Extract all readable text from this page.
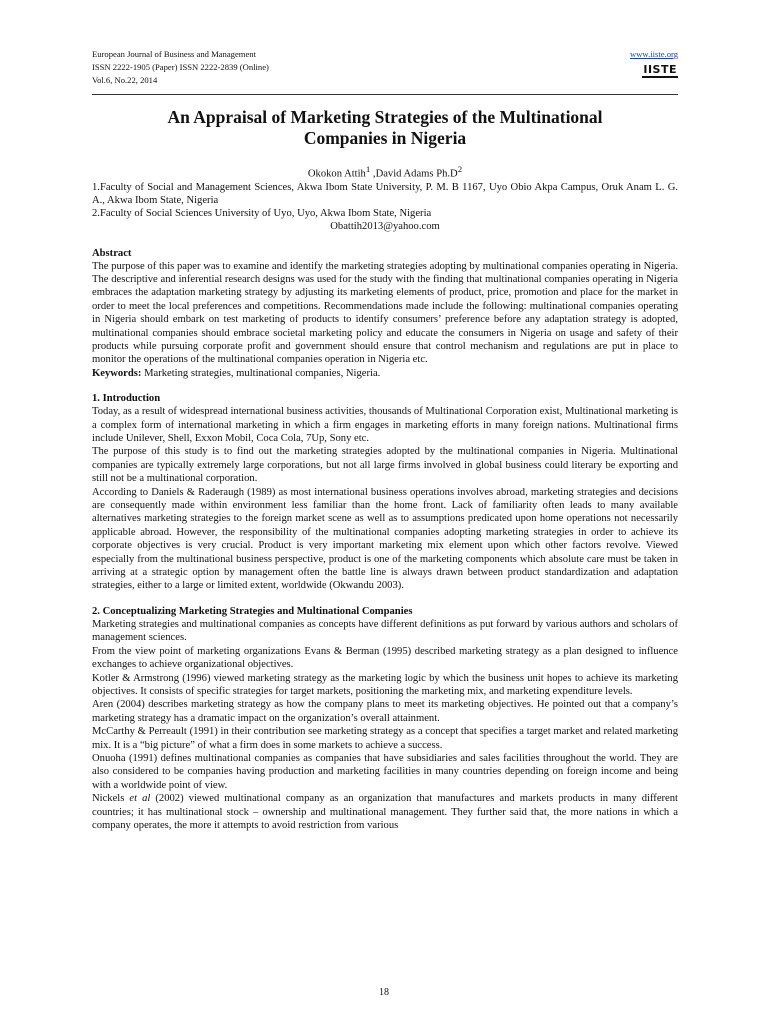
European Journal of Business and Management
ISSN 2222-1905 (Paper) ISSN 2222-2839 (Online)
Vol.6, No.22, 2014
www.iiste.org
IISTE
An Appraisal of Marketing Strategies of the Multinational
Companies in Nigeria
Okokon Attih$^1$ ,David Adams $Ph.D^2$
1.Faculty of Social and Management Sciences, Akwa Ibom State University, P. M. B 1167, Uyo Obio Akpa Campus, Oruk Anam L. G. A., Akwa Ibom State, Nigeria
2.Faculty of Social Sciences University of Uyo, Uyo, Akwa Ibom State, Nigeria
Obattih2013@yahoo.com
Abstract

The purpose of this paper was to examine and identify the marketing strategies adopting by multinational companies operating in Nigeria. The descriptive and inferential research designs was used for the study with the finding that multinational companies operating in Nigeria embraces the adaptation marketing strategy by adjusting its marketing elements of product, price, promotion and place for the market in order to meet the local preferences and competitions. Recommendations made include the following: multinational companies operating in Nigeria should embark on test marketing of products to identify consumers’ preference before any adaptation strategy is adopted, multinational companies should embrace societal marketing policy and educate the consumers in Nigeria on usage and safety of their products while pursuing corporate profit and government should ensure that control mechanism and regulations are put in place to monitor the operations of the multinational companies operation in Nigeria etc.

Keywords: Marketing strategies, multinational companies, Nigeria.

1. Introduction

Today, as a result of widespread international business activities, thousands of Multinational Corporation exist, Multinational marketing is a complex form of international marketing in which a firm engages in marketing efforts in many foreign nations. Multinational firms include Unilever, Shell, Exxon Mobil, Coca Cola, 7Up, Sony etc.

The purpose of this study is to find out the marketing strategies adopted by the multinational companies in Nigeria. Multinational companies are typically extremely large corporations, but not all large firms involved in global business could literary be exporting and still not be a multinational corporation.

According to Daniels & Raderaugh (1989) as most international business operations involves abroad, marketing strategies and decisions are consequently made within environment less familiar than the home front. Lack of familiarity often leads to many available alternatives marketing strategies to the foreign market scene as well as to assumptions predicated upon home operations not necessarily applicable abroad. However, the responsibility of the multinational companies adopting marketing strategies in order to achieve its corporate objectives is very crucial. Product is very important marketing mix element upon which other factors revolve. Viewed especially from the multinational business perspective, product is one of the marketing components which absolute care must be taken in arriving at a strategic option by management often the battle line is always drawn between product standardization and adaptation strategies, either to a large or limited extent, worldwide (Okwandu 2003).

2. Conceptualizing Marketing Strategies and Multinational Companies

Marketing strategies and multinational companies as concepts have different definitions as put forward by various authors and scholars of management sciences.

From the view point of marketing organizations Evans & Berman (1995) described marketing strategy as a plan designed to influence exchanges to achieve organizational objectives.

Kotler & Armstrong (1996) viewed marketing strategy as the marketing logic by which the business unit hopes to achieve its marketing objectives. It consists of specific strategies for target markets, positioning the marketing mix, and marketing expenditure levels.

Aren (2004) describes marketing strategy as how the company plans to meet its marketing objectives. He pointed out that a company’s marketing strategy has a dramatic impact on the organization’s overall attainment.

McCarthy & Perreault (1991) in their contribution see marketing strategy as a concept that specifies a target market and related marketing mix. It is a “big picture” of what a firm does in some markets to achieve a success.

Onuoha (1991) defines multinational companies as companies that have subsidiaries and sales facilities throughout the world. They are also considered to be companies having production and marketing facilities in many countries depending on foreign income and being with a worldwide point of view.

Nickels et al (2002) viewed multinational company as an organization that manufactures and markets products in many different countries; it has multinational stock – ownership and multinational management. They further said that, the more nations in which a company operates, the more it attempts to avoid restriction from various

18
